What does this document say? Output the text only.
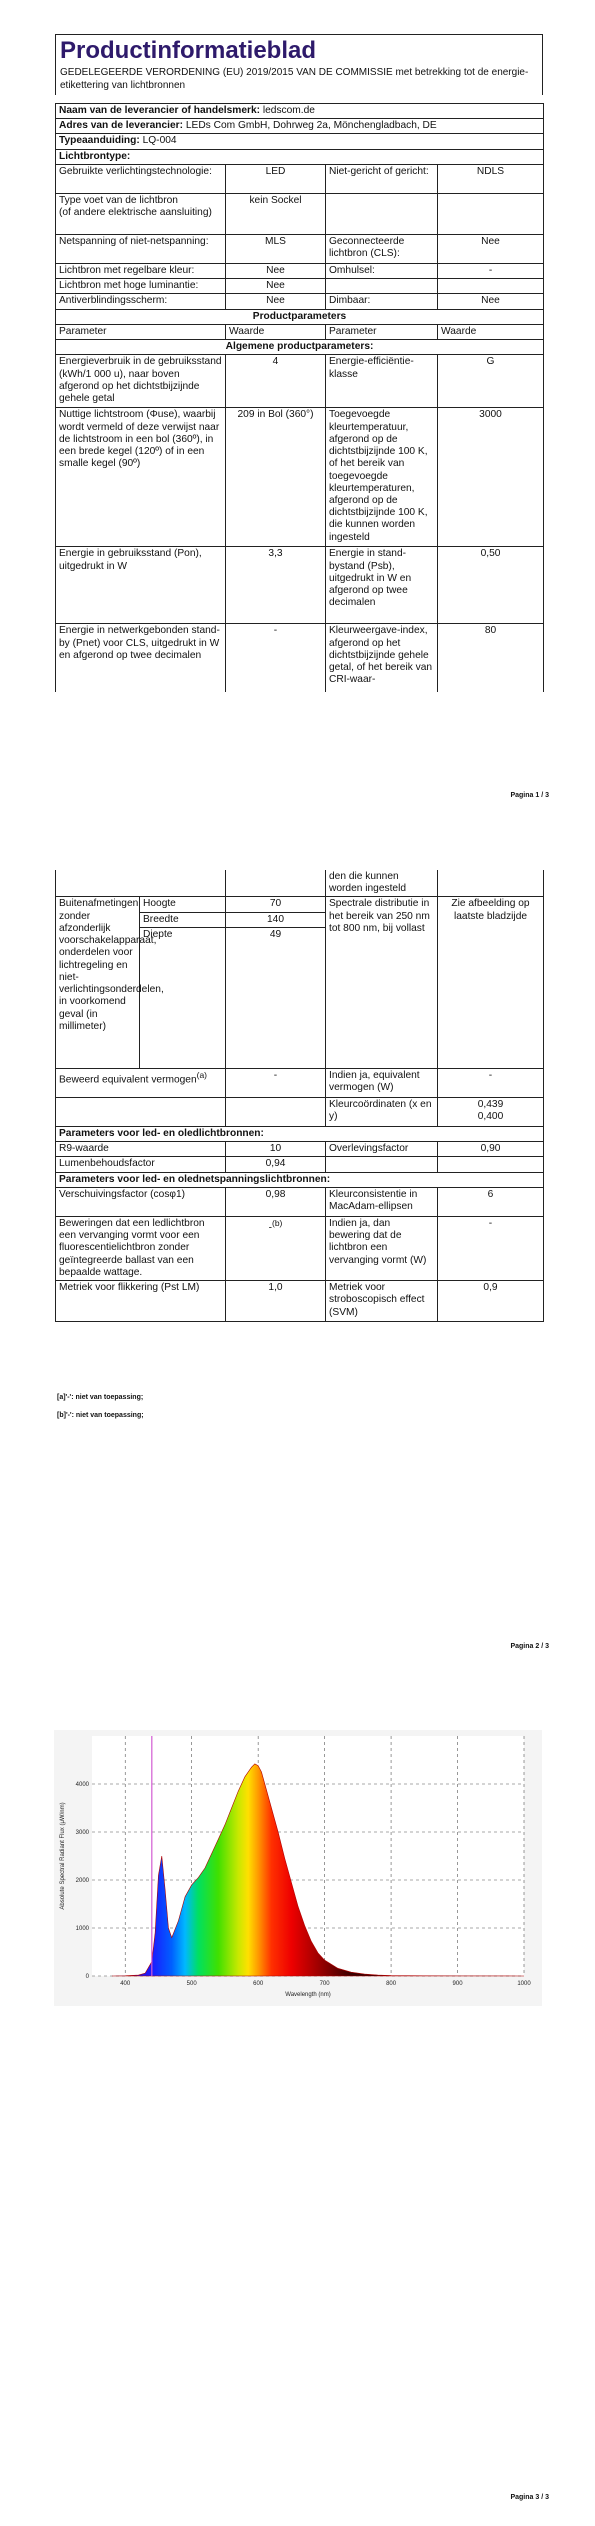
Productinformatieblad
GEDELEGEERDE VERORDENING (EU) 2019/2015 VAN DE COMMISSIE met betrekking tot de energie-etikettering van lichtbronnen
Naam van de leverancier of handelsmerk: ledscom.de			
Adres van de leverancier: LEDs Com GmbH, Dohrweg 2a, Mönchengladbach, DE			
Typeaanduiding: LQ-004			
Lichtbrontype:			
Gebruikte verlichtingstechnologie:	LED	Niet-gericht of gericht:	NDLS
Type voet van de lichtbron
(of andere elektrische aansluiting)	kein Sockel		
Netspanning of niet-netspanning:	MLS	Geconnecteerde lichtbron (CLS):	Nee
Lichtbron met regelbare kleur:	Nee	Omhulsel:	-
Lichtbron met hoge luminantie:	Nee		
Antiverblindingsscherm:	Nee	Dimbaar:	Nee
Productparameters			
Parameter	Waarde	Parameter	Waarde
Algemene productparameters:			
Energieverbruik in de gebruiksstand (kWh/1 000 u), naar boven afgerond op het dichtstbijzijnde gehele getal	4	Energie-efficiëntie-klasse	G
Nuttige lichtstroom (Φuse), waarbij wordt vermeld of deze verwijst naar de lichtstroom in een bol (360º), in een brede kegel (120º) of in een smalle kegel (90º)	209 in Bol (360°)	Toegevoegde kleurtemperatuur, afgerond op de dichtstbijzijnde 100 K, of het bereik van toegevoegde kleurtemperaturen, afgerond op de dichtstbijzijnde 100 K, die kunnen worden ingesteld	3000
Energie in gebruiksstand (Pon), uitgedrukt in W	3,3	Energie in stand-bystand (Psb), uitgedrukt in W en afgerond op twee decimalen	0,50
Energie in netwerkgebonden stand-by (Pnet) voor CLS, uitgedrukt in W en afgerond op twee decimalen	-	Kleurweergave-index, afgerond op het dichtstbijzijnde gehele getal, of het bereik van CRI-waar-	80
Pagina 1 / 3
			den die kunnen worden ingesteld	
Buitenafmetingen zonder afzonderlijk voorschakelapparaat, onderdelen voor lichtregeling en niet-verlichtingsonderdelen, in voorkomend geval (in millimeter)	Hoogte	70	Spectrale distributie in het bereik van 250 nm tot 800 nm, bij vollast	Zie afbeelding op laatste bladzijde
	Breedte	140		
	Diepte	49		
Beweerd equivalent vermogen$^{(a)}$		-	Indien ja, equivalent vermogen (W)	-
			Kleurcoördinaten (x en y)	0,439
0,400
Parameters voor led- en oledlichtbronnen:				
R9-waarde		10	Overlevingsfactor	0,90
Lumenbehoudsfactor		0,94		
Parameters voor led- en olednetspanningslichtbronnen:				
Verschuivingsfactor (cosφ1)		0,98	Kleurconsistentie in MacAdam-ellipsen	6
Beweringen dat een ledlichtbron een vervanging vormt voor een fluorescentielichtbron zonder geïntegreerde ballast van een bepaalde wattage.		-$^{(b)}$	Indien ja, dan bewering dat de lichtbron een vervanging vormt (W)	-
Metriek voor flikkering (Pst LM)		1,0	Metriek voor stroboscopisch effect (SVM)	0,9
[a]'-': niet van toepassing;
[b]'-': niet van toepassing;
Pagina 2 / 3
400	500	600	700	800	900	1000
0
1000
2000
3000
4000
Wavelength (nm)
Absolute Spectral Radiant Flux (μW/nm)
Pagina 3 / 3
